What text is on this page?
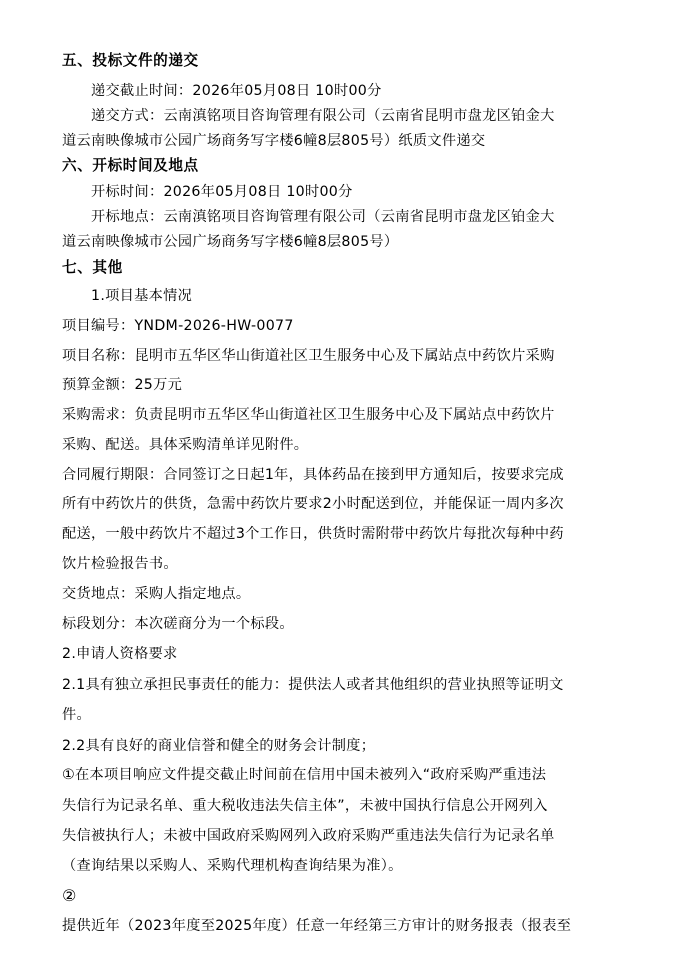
五、投标文件的递交
递交截止时间：2026年05月08日 10时00分
递交方式：云南滇铭项目咨询管理有限公司（云南省昆明市盘龙区铂金大
道云南映像城市公园广场商务写字楼6幢8层805号）纸质文件递交
六、开标时间及地点
开标时间：2026年05月08日 10时00分
开标地点：云南滇铭项目咨询管理有限公司（云南省昆明市盘龙区铂金大
道云南映像城市公园广场商务写字楼6幢8层805号）
七、其他
1.项目基本情况
项目编号：YNDM-2026-HW-0077
项目名称：昆明市五华区华山街道社区卫生服务中心及下属站点中药饮片采购
预算金额：25万元
采购需求：负责昆明市五华区华山街道社区卫生服务中心及下属站点中药饮片
采购、配送。具体采购清单详见附件。
合同履行期限：合同签订之日起1年，具体药品在接到甲方通知后，按要求完成
所有中药饮片的供货，急需中药饮片要求2小时配送到位，并能保证一周内多次
配送，一般中药饮片不超过3个工作日，供货时需附带中药饮片每批次每种中药
饮片检验报告书。
交货地点：采购人指定地点。
标段划分：本次磋商分为一个标段。
2.申请人资格要求
2.1具有独立承担民事责任的能力：提供法人或者其他组织的营业执照等证明文
件。
2.2具有良好的商业信誉和健全的财务会计制度；
①在本项目响应文件提交截止时间前在信用中国未被列入“政府采购严重违法
失信行为记录名单、重大税收违法失信主体”，未被中国执行信息公开网列入
失信被执行人；未被中国政府采购网列入政府采购严重违法失信行为记录名单
（查询结果以采购人、采购代理机构查询结果为准）。
②
提供近年（2023年度至2025年度）任意一年经第三方审计的财务报表（报表至
